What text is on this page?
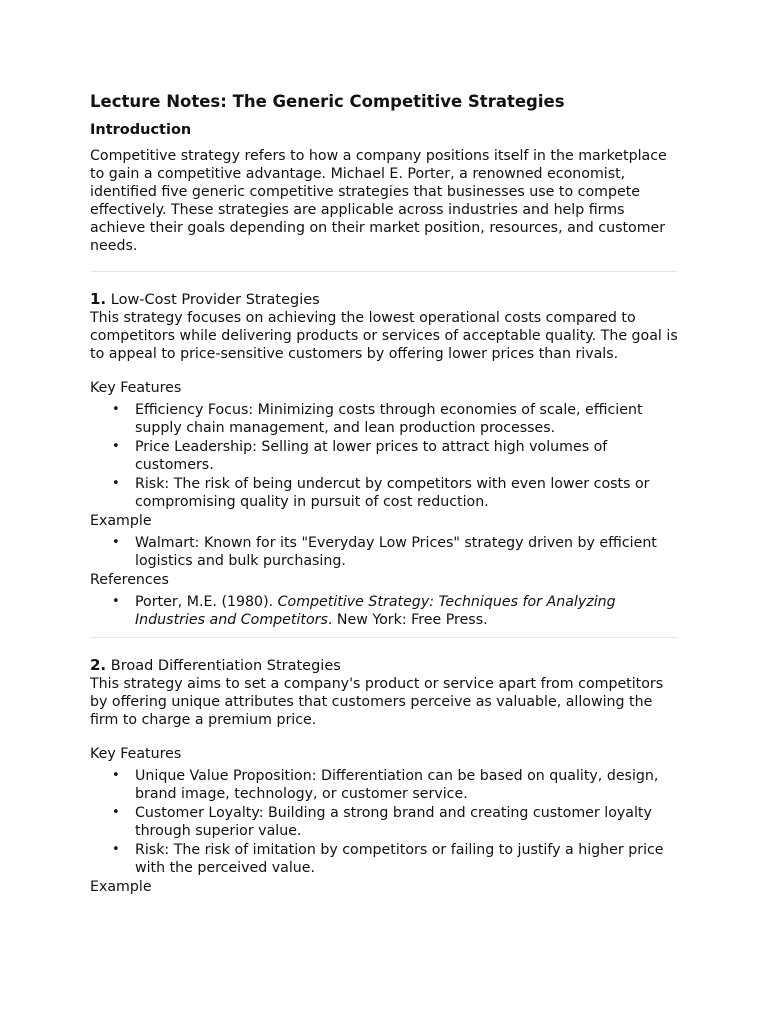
Lecture Notes: The Generic Competitive Strategies
Introduction

Competitive strategy refers to how a company positions itself in the marketplace to gain a competitive advantage. Michael E. Porter, a renowned economist, identified five generic competitive strategies that businesses use to compete effectively. These strategies are applicable across industries and help firms achieve their goals depending on their market position, resources, and customer needs.

1. Low-Cost Provider Strategies

This strategy focuses on achieving the lowest operational costs compared to competitors while delivering products or services of acceptable quality. The goal is to appeal to price-sensitive customers by offering lower prices than rivals.

Key Features
• Efficiency Focus: Minimizing costs through economies of scale, efficient supply chain management, and lean production processes.
• Price Leadership: Selling at lower prices to attract high volumes of customers.
• Risk: The risk of being undercut by competitors with even lower costs or compromising quality in pursuit of cost reduction.
Example
• Walmart: Known for its "Everyday Low Prices" strategy driven by efficient logistics and bulk purchasing.
References
• Porter, M.E. (1980). Competitive Strategy: Techniques for Analyzing Industries and Competitors. New York: Free Press.
2. Broad Differentiation Strategies

This strategy aims to set a company's product or service apart from competitors by offering unique attributes that customers perceive as valuable, allowing the firm to charge a premium price.

Key Features
• Unique Value Proposition: Differentiation can be based on quality, design, brand image, technology, or customer service.
• Customer Loyalty: Building a strong brand and creating customer loyalty through superior value.
• Risk: The risk of imitation by competitors or failing to justify a higher price with the perceived value.
Example
